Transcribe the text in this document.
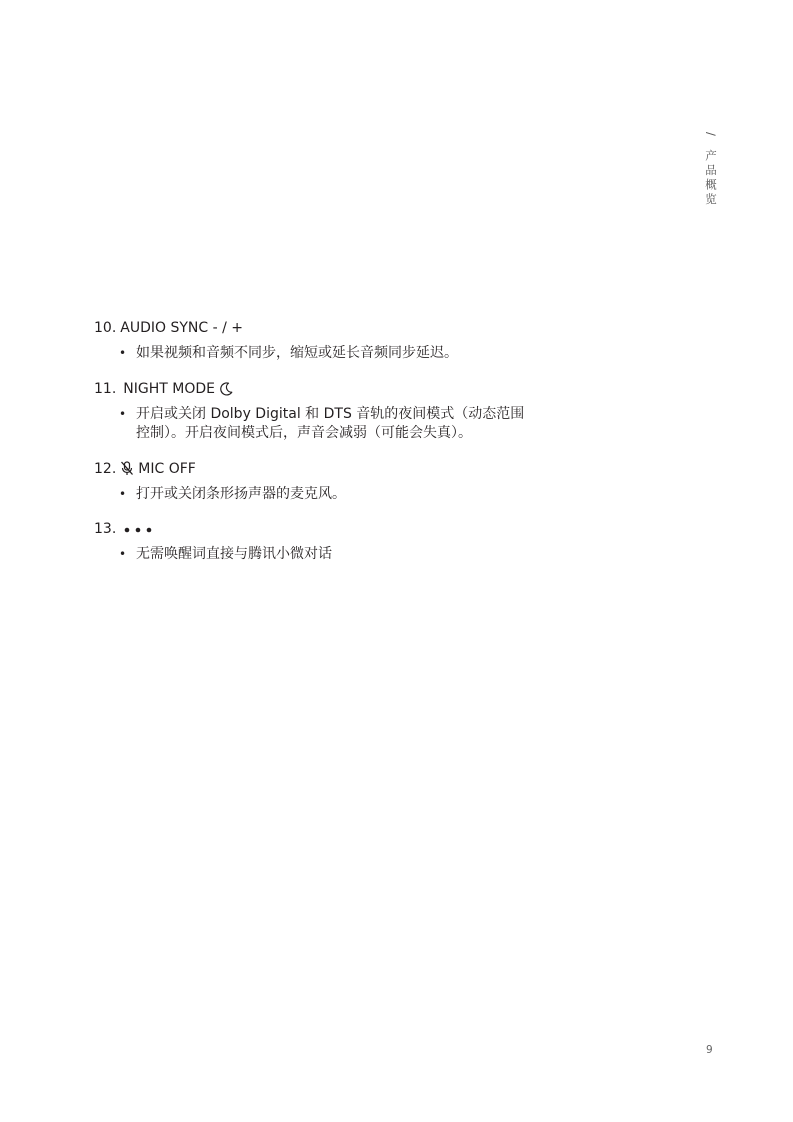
/ 产品概览
10. AUDIO SYNC - / +
• 如果视频和音频不同步，缩短或延长音频同步延迟。
11. NIGHT MODE
• 开启或关闭 Dolby Digital 和 DTS 音轨的夜间模式（动态范围控制）。开启夜间模式后，声音会减弱（可能会失真）。
12. MIC OFF
• 打开或关闭条形扬声器的麦克风。
13.
• 无需唤醒词直接与腾讯小微对话
9
